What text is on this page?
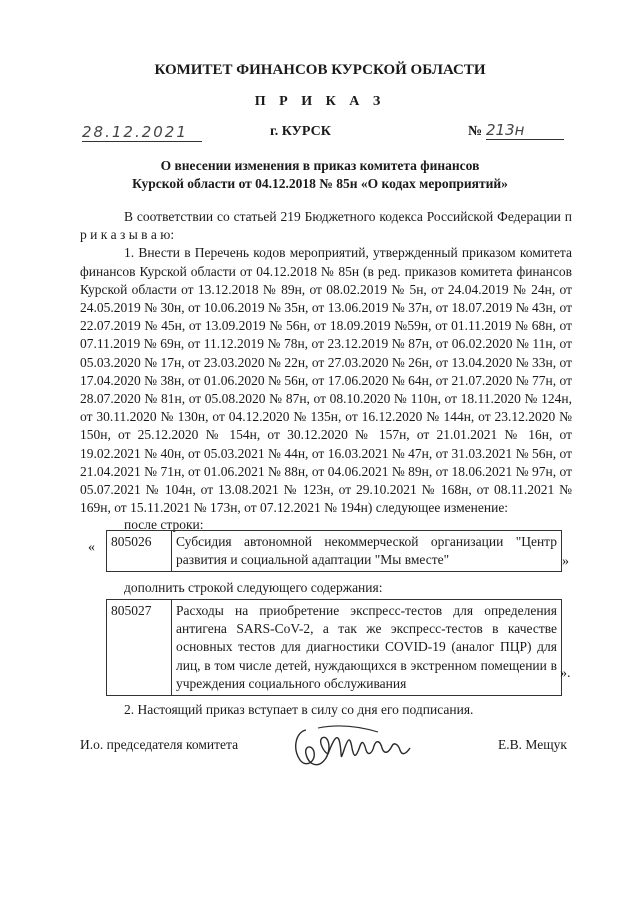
КОМИТЕТ ФИНАНСОВ КУРСКОЙ ОБЛАСТИ
П Р И К А З
28.12.2021	г. КУРСК	№ 213н
О внесении изменения в приказ комитета финансов
Курской области от 04.12.2018 № 85н «О кодах мероприятий»

В соответствии со статьей 219 Бюджетного кодекса Российской Федерации п р и к а з ы в а ю:

1. Внести в Перечень кодов мероприятий, утвержденный приказом комитета финансов Курской области от 04.12.2018 № 85н (в ред. приказов комитета финансов Курской области от 13.12.2018 № 89н, от 08.02.2019 № 5н, от 24.04.2019 № 24н, от 24.05.2019 № 30н, от 10.06.2019 № 35н, от 13.06.2019 № 37н, от 18.07.2019 № 43н, от 22.07.2019 № 45н, от 13.09.2019 № 56н, от 18.09.2019 №59н, от 01.11.2019 № 68н, от 07.11.2019 № 69н, от 11.12.2019 № 78н, от 23.12.2019 № 87н, от 06.02.2020 № 11н, от 05.03.2020 № 17н, от 23.03.2020 № 22н, от 27.03.2020 № 26н, от 13.04.2020 № 33н, от 17.04.2020 № 38н, от 01.06.2020 № 56н, от 17.06.2020 № 64н, от 21.07.2020 № 77н, от 28.07.2020 № 81н, от 05.08.2020 № 87н, от 08.10.2020 № 110н, от 18.11.2020 № 124н, от 30.11.2020 № 130н, от 04.12.2020 № 135н, от 16.12.2020 № 144н, от 23.12.2020 № 150н, от 25.12.2020 № 154н, от 30.12.2020 № 157н, от 21.01.2021 № 16н, от 19.02.2021 № 40н, от 05.03.2021 № 44н, от 16.03.2021 № 47н, от 31.03.2021 № 56н, от 21.04.2021 № 71н, от 01.06.2021 № 88н, от 04.06.2021 № 89н, от 18.06.2021 № 97н, от 05.07.2021 № 104н, от 13.08.2021 № 123н, от 29.10.2021 № 168н, от 08.11.2021 № 169н, от 15.11.2021 № 173н, от 07.12.2021 № 194н) следующее изменение:

после строки:
« 805026	Субсидия автономной некоммерческой организации "Центр развития и социальной адаптации "Мы вместе"	»
дополнить строкой следующего содержания:
805027	Расходы на приобретение экспресс-тестов для определения антигена SARS-CoV-2, а так же экспресс-тестов в качестве основных тестов для диагностики COVID-19 (аналог ПЦР) для лиц, в том числе детей, нуждающихся в экстренном помещении в учреждения социального обслуживания
».
2. Настоящий приказ вступает в силу со дня его подписания.
И.о. председателя комитета	Е.В. Мещук
